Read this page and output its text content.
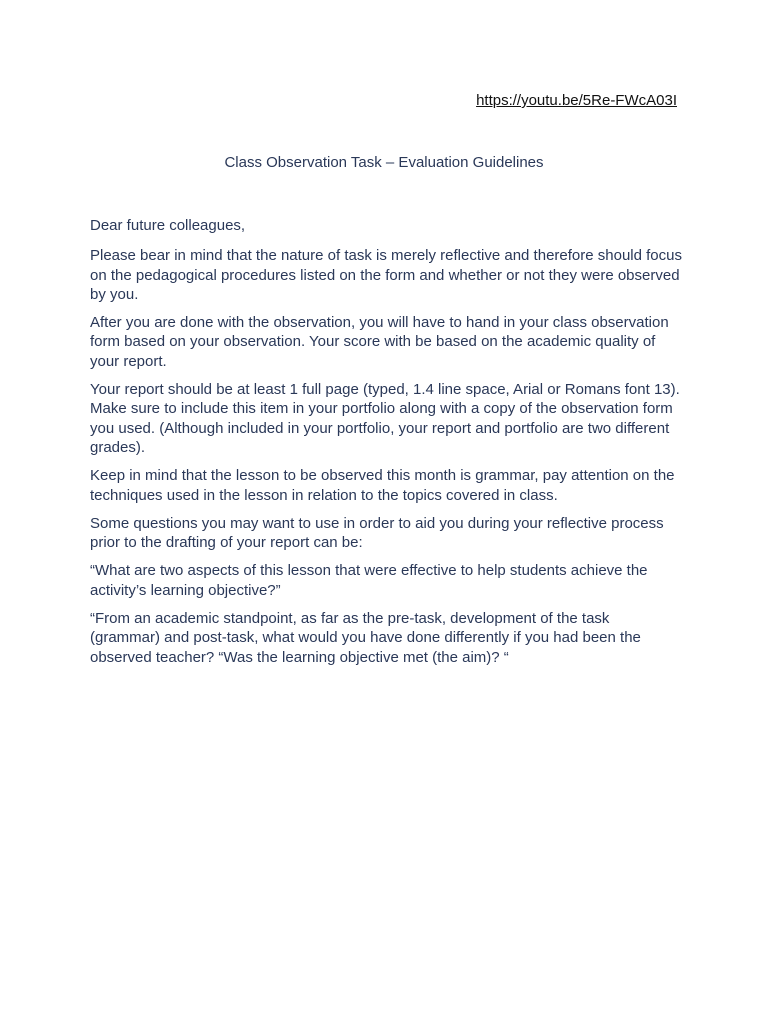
https://youtu.be/5Re-FWcA03I
Class Observation Task – Evaluation Guidelines

Dear future colleagues,

Please bear in mind that the nature of task is merely reflective and therefore should focus on the pedagogical procedures listed on the form and whether or not they were observed by you.

After you are done with the observation, you will have to hand in your class observation form based on your observation. Your score with be based on the academic quality of your report.

Your report should be at least 1 full page (typed, 1.4 line space, Arial or Romans font 13). Make sure to include this item in your portfolio along with a copy of the observation form you used. (Although included in your portfolio, your report and portfolio are two different grades).

Keep in mind that the lesson to be observed this month is grammar, pay attention on the techniques used in the lesson in relation to the topics covered in class.

Some questions you may want to use in order to aid you during your reflective process prior to the drafting of your report can be:

“What are two aspects of this lesson that were effective to help students achieve the activity’s learning objective?”

“From an academic standpoint, as far as the pre-task, development of the task (grammar) and post-task, what would you have done differently if you had been the observed teacher? “Was the learning objective met (the aim)? “
